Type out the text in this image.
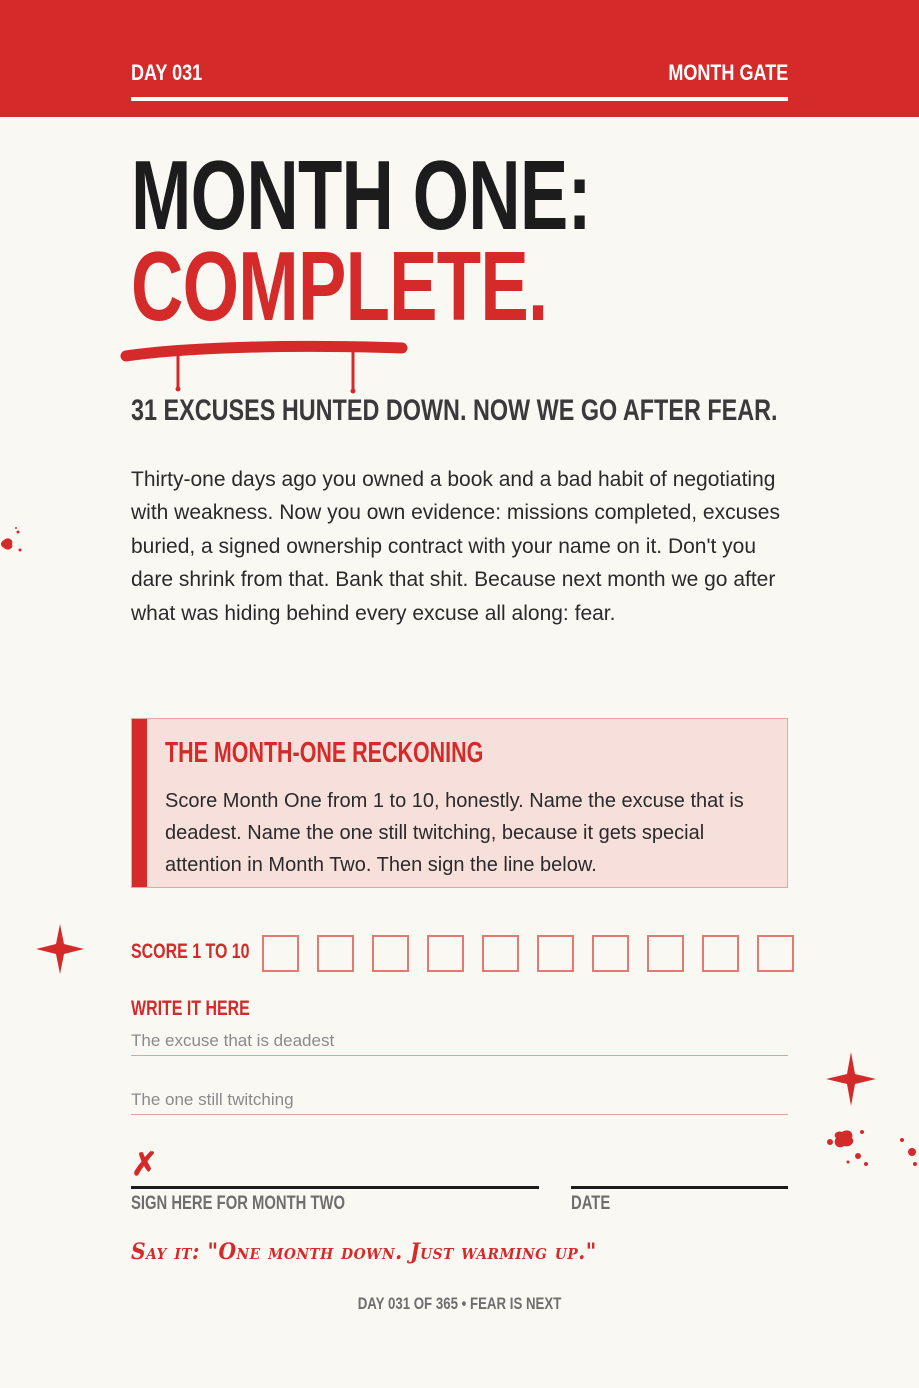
DAY 031	MONTH GATE
MONTH ONE:
COMPLETE.
31 EXCUSES HUNTED DOWN. NOW WE GO AFTER FEAR.
Thirty-one days ago you owned a book and a bad habit of negotiating with weakness. Now you own evidence: missions completed, excuses buried, a signed ownership contract with your name on it. Don't you dare shrink from that. Bank that shit. Because next month we go after what was hiding behind every excuse all along: fear.
THE MONTH-ONE RECKONING
Score Month One from 1 to 10, honestly. Name the excuse that is deadest. Name the one still twitching, because it gets special attention in Month Two. Then sign the line below.
SCORE 1 TO 10
WRITE IT HERE
The excuse that is deadest
The one still twitching
✗
SIGN HERE FOR MONTH TWO	DATE
Say it: "One month down. Just warming up."
DAY 031 OF 365 • FEAR IS NEXT
